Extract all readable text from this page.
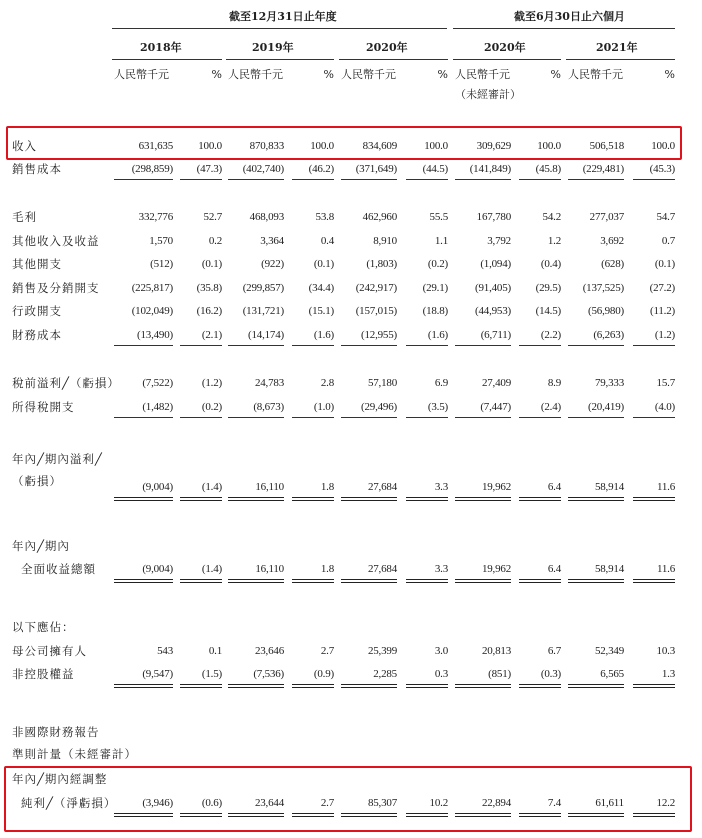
截至12月31日止年度	截至6月30日止六個月
2018年	2019年	2020年	2020年	2021年
人民幣千元	% 人民幣千元	% 人民幣千元	% 人民幣千元	% 人民幣千元	%
（未經審計）
收入	631,635	100.0	870,833	100.0	834,609	100.0	309,629	100.0	506,518	100.0
銷售成本	(298,859)	(47.3)	(402,740)	(46.2)	(371,649)	(44.5)	(141,849)	(45.8)	(229,481)	(45.3)
毛利	332,776	52.7	468,093	53.8	462,960	55.5	167,780	54.2	277,037	54.7
其他收入及收益	1,570	0.2	3,364	0.4	8,910	1.1	3,792	1.2	3,692	0.7
其他開支	(512)	(0.1)	(922)	(0.1)	(1,803)	(0.2)	(1,094)	(0.4)	(628)	(0.1)
銷售及分銷開支	(225,817)	(35.8)	(299,857)	(34.4)	(242,917)	(29.1)	(91,405)	(29.5)	(137,525)	(27.2)
行政開支	(102,049)	(16.2)	(131,721)	(15.1)	(157,015)	(18.8)	(44,953)	(14.5)	(56,980)	(11.2)
財務成本	(13,490)	(2.1)	(14,174)	(1.6)	(12,955)	(1.6)	(6,711)	(2.2)	(6,263)	(1.2)
稅前溢利╱（虧損）	(7,522)	(1.2)	24,783	2.8	57,180	6.9	27,409	8.9	79,333	15.7
所得稅開支	(1,482)	(0.2)	(8,673)	(1.0)	(29,496)	(3.5)	(7,447)	(2.4)	(20,419)	(4.0)
年內╱期內溢利╱
（虧損）	(9,004)	(1.4)	16,110	1.8	27,684	3.3	19,962	6.4	58,914	11.6
年內╱期內
全面收益總額	(9,004)	(1.4)	16,110	1.8	27,684	3.3	19,962	6.4	58,914	11.6
以下應佔：
母公司擁有人	543	0.1	23,646	2.7	25,399	3.0	20,813	6.7	52,349	10.3
非控股權益	(9,547)	(1.5)	(7,536)	(0.9)	2,285	0.3	(851)	(0.3)	6,565	1.3
非國際財務報告
準則計量（未經審計）
年內╱期內經調整
純利╱（淨虧損）	(3,946)	(0.6)	23,644	2.7	85,307	10.2	22,894	7.4	61,611	12.2
